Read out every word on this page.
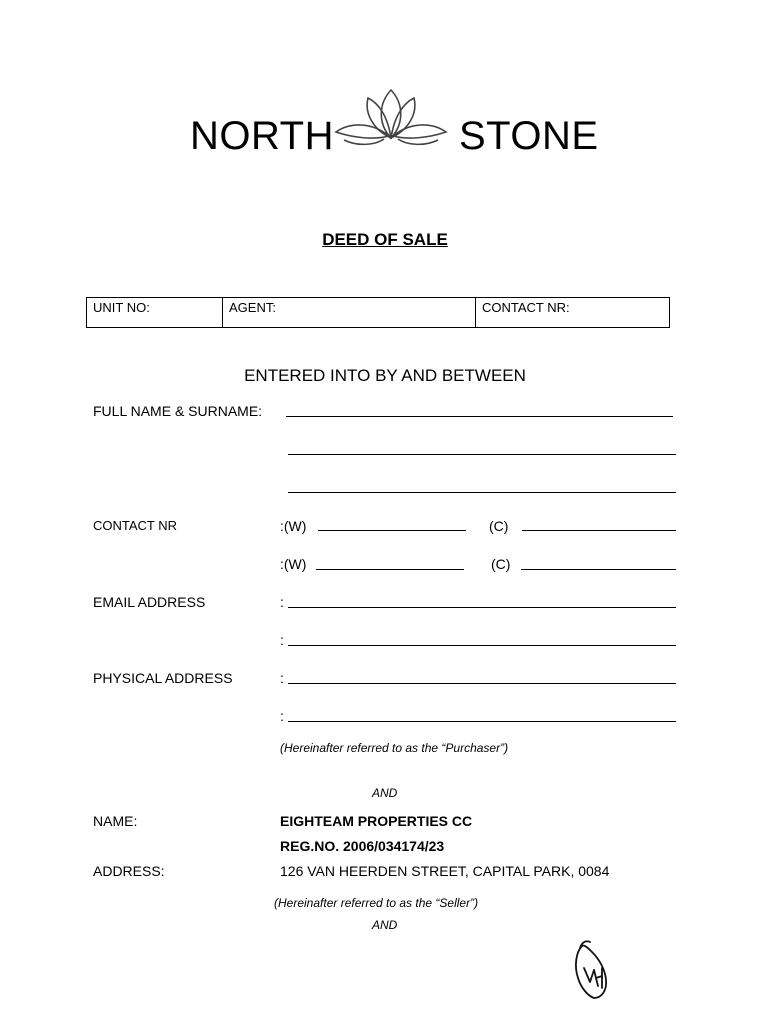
NORTH	STONE
DEED OF SALE
UNIT NO:	AGENT:	CONTACT NR:
ENTERED INTO BY AND BETWEEN
FULL NAME & SURNAME:
CONTACT NR	:(W)	(C)
:(W)	(C)
EMAIL ADDRESS	:
:
PHYSICAL ADDRESS	:
:
(Hereinafter referred to as the “Purchaser”)
AND
NAME:	EIGHTEAM PROPERTIES CC
REG.NO. 2006/034174/23
ADDRESS:	126 VAN HEERDEN STREET, CAPITAL PARK, 0084
(Hereinafter referred to as the “Seller”)
AND
